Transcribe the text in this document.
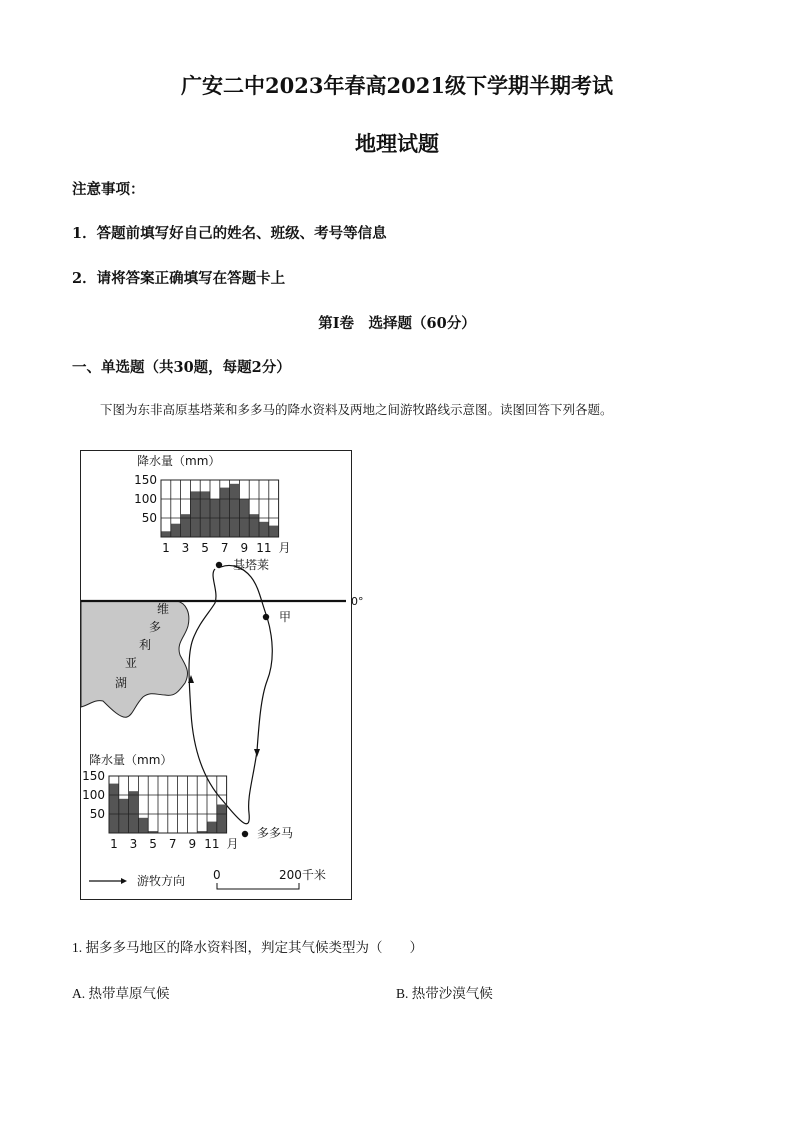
广安二中2023年春高2021级下学期半期考试
地理试题
注意事项：
1．答题前填写好自己的姓名、班级、考号等信息
2．请将答案正确填写在答题卡上
第Ⅰ卷　选择题（60分）
一、单选题（共30题，每题2分）
下图为东非高原基塔莱和多多马的降水资料及两地之间游牧路线示意图。读图回答下列各题。
0°
维
多
利
亚
湖
基塔莱
甲
多多马
降水量（mm）
150
100
50
1 3 5 7 9 11 月
降水量（mm）
150
100
50
1 3 5 7 9 11 月
游牧方向 0	200千米
1. 据多多马地区的降水资料图，判定其气候类型为（　　）
A. 热带草原气候	B. 热带沙漠气候
